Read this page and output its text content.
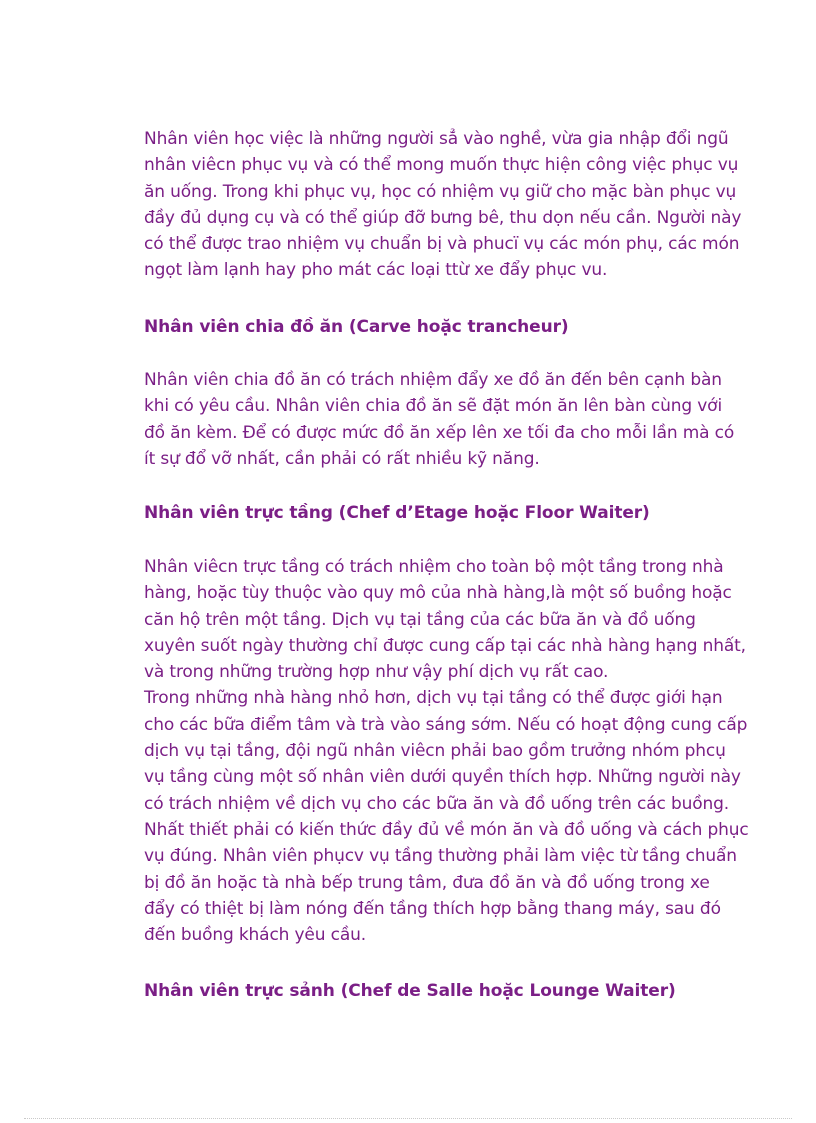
Nhân viên học việc là những người sẳ vào nghề, vừa gia nhập đổi ngũ
nhân viêcn phục vụ và có thể mong muốn thực hiện công việc phục vụ
ăn uống. Trong khi phục vụ, học có nhiệm vụ giữ cho mặc bàn phục vụ
đầy đủ dụng cụ và có thể giúp đỡ bưng bê, thu dọn nếu cần. Người này
có thể được trao nhiệm vụ chuẩn bị và phucï vụ các món phụ, các món
ngọt làm lạnh hay pho mát các loại ttừ xe đẩy phục vu.
Nhân viên chia đồ ăn (Carve hoặc trancheur)
Nhân viên chia đồ ăn có trách nhiệm đẩy xe đồ ăn đến bên cạnh bàn
khi có yêu cầu. Nhân viên chia đồ ăn sẽ đặt món ăn lên bàn cùng với
đồ ăn kèm. Để có được mức đồ ăn xếp lên xe tối đa cho mỗi lần mà có
ít sự đổ vỡ nhất, cần phải có rất nhiều kỹ năng.
Nhân viên trực tầng (Chef d’Etage hoặc Floor Waiter)
Nhân viêcn trực tầng có trách nhiệm cho toàn bộ một tầng trong nhà
hàng, hoặc tùy thuộc vào quy mô của nhà hàng,là một số buồng hoặc
căn hộ trên một tầng. Dịch vụ tại tầng của các bữa ăn và đồ uống
xuyên suốt ngày thường chỉ được cung cấp tại các nhà hàng hạng nhất,
và trong những trường hợp như vậy phí dịch vụ rất cao.
Trong những nhà hàng nhỏ hơn, dịch vụ tại tầng có thể được giới hạn
cho các bữa điểm tâm và trà vào sáng sớm. Nếu có hoạt động cung cấp
dịch vụ tại tầng, đội ngũ nhân viêcn phải bao gồm trưởng nhóm phcụ
vụ tầng cùng một số nhân viên dưới quyền thích hợp. Những người này
có trách nhiệm về dịch vụ cho các bữa ăn và đồ uống trên các buồng.
Nhất thiết phải có kiến thức đầy đủ về món ăn và đồ uống và cách phục
vụ đúng. Nhân viên phụcv vụ tầng thường phải làm việc từ tầng chuẩn
bị đồ ăn hoặc tà nhà bếp trung tâm, đưa đồ ăn và đồ uống trong xe
đẩy có thiệt bị làm nóng đến tầng thích hợp bằng thang máy, sau đó
đến buồng khách yêu cầu.
Nhân viên trực sảnh (Chef de Salle hoặc Lounge Waiter)
